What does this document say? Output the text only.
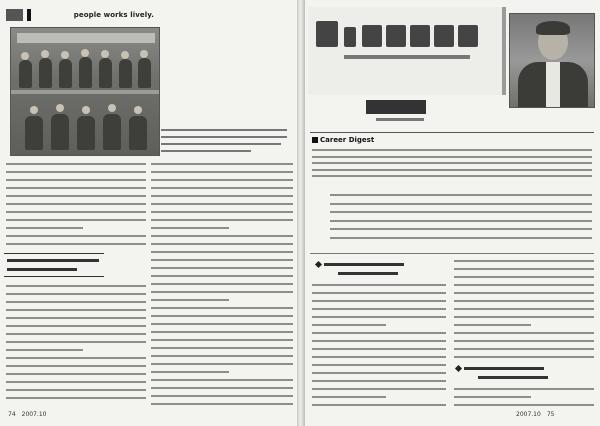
people works lively.
74 2007.10
Career Digest
2007.10 75
